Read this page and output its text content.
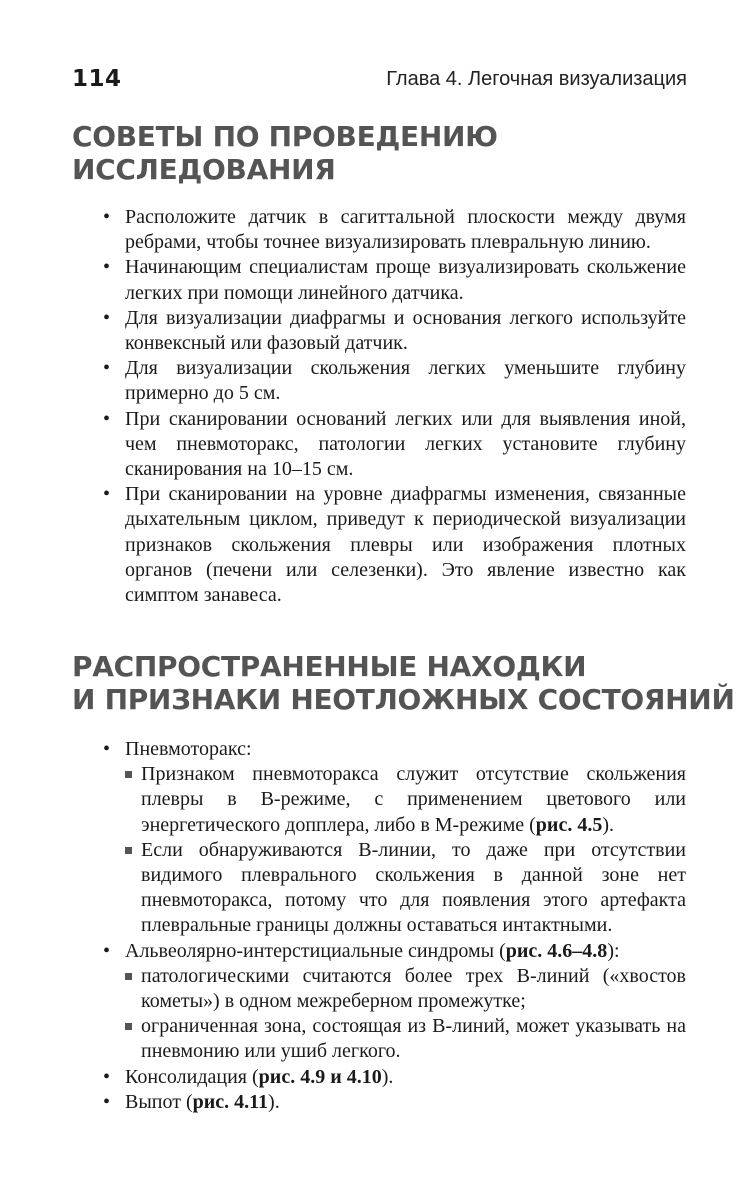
114	Глава 4. Легочная визуализация
СОВЕТЫ ПО ПРОВЕДЕНИЮ
ИССЛЕДОВАНИЯ
• Расположите датчик в сагиттальной плоскости между двумя ребрами, чтобы точнее визуализировать плевральную линию.
• Начинающим специалистам проще визуализировать скольжение легких при помощи линейного датчика.
• Для визуализации диафрагмы и основания легкого используйте конвексный или фазовый датчик.
• Для визуализации скольжения легких уменьшите глубину примерно до 5 см.
• При сканировании оснований легких или для выявления иной, чем пневмоторакс, патологии легких установите глубину сканирования на 10–15 см.
• При сканировании на уровне диафрагмы изменения, связанные дыхательным циклом, приведут к периодической визуализации признаков скольжения плевры или изображения плотных органов (печени или селезенки). Это явление известно как симптом занавеса.
РАСПРОСТРАНЕННЫЕ НАХОДКИ
И ПРИЗНАКИ НЕОТЛОЖНЫХ СОСТОЯНИЙ
• Пневмоторакс:
Признаком пневмоторакса служит отсутствие скольжения плевры в B-режиме, с применением цветового или энергетического допплера, либо в M-режиме (рис. 4.5).
Если обнаруживаются B-линии, то даже при отсутствии видимого плеврального скольжения в данной зоне нет пневмоторакса, потому что для появления этого артефакта плевральные границы должны оставаться интактными.
• Альвеолярно-интерстициальные синдромы (рис. 4.6–4.8):
патологическими считаются более трех B-линий («хвостов кометы») в одном межреберном промежутке;
ограниченная зона, состоящая из B-линий, может указывать на пневмонию или ушиб легкого.
• Консолидация (рис. 4.9 и 4.10).
• Выпот (рис. 4.11).
